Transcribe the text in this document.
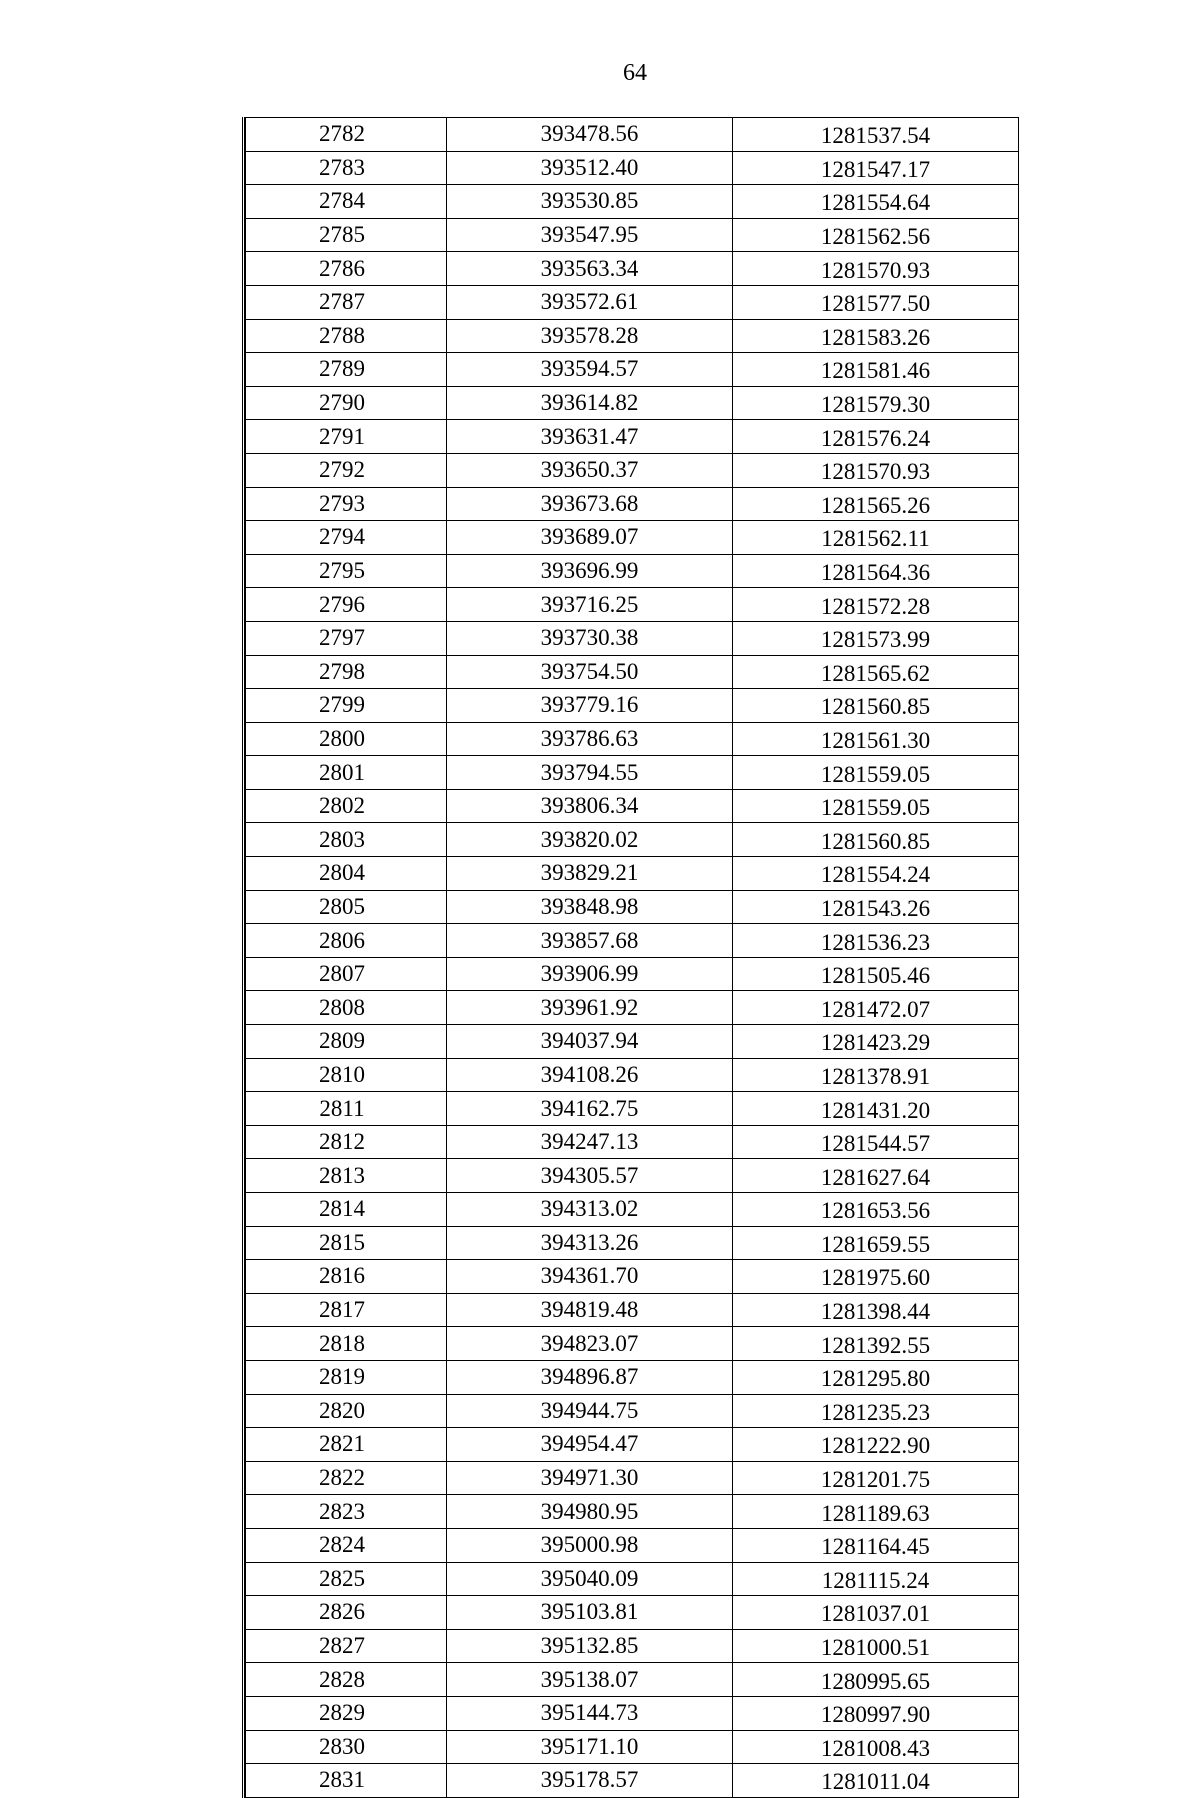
64
2782	393478.56	1281537.54
2783	393512.40	1281547.17
2784	393530.85	1281554.64
2785	393547.95	1281562.56
2786	393563.34	1281570.93
2787	393572.61	1281577.50
2788	393578.28	1281583.26
2789	393594.57	1281581.46
2790	393614.82	1281579.30
2791	393631.47	1281576.24
2792	393650.37	1281570.93
2793	393673.68	1281565.26
2794	393689.07	1281562.11
2795	393696.99	1281564.36
2796	393716.25	1281572.28
2797	393730.38	1281573.99
2798	393754.50	1281565.62
2799	393779.16	1281560.85
2800	393786.63	1281561.30
2801	393794.55	1281559.05
2802	393806.34	1281559.05
2803	393820.02	1281560.85
2804	393829.21	1281554.24
2805	393848.98	1281543.26
2806	393857.68	1281536.23
2807	393906.99	1281505.46
2808	393961.92	1281472.07
2809	394037.94	1281423.29
2810	394108.26	1281378.91
2811	394162.75	1281431.20
2812	394247.13	1281544.57
2813	394305.57	1281627.64
2814	394313.02	1281653.56
2815	394313.26	1281659.55
2816	394361.70	1281975.60
2817	394819.48	1281398.44
2818	394823.07	1281392.55
2819	394896.87	1281295.80
2820	394944.75	1281235.23
2821	394954.47	1281222.90
2822	394971.30	1281201.75
2823	394980.95	1281189.63
2824	395000.98	1281164.45
2825	395040.09	1281115.24
2826	395103.81	1281037.01
2827	395132.85	1281000.51
2828	395138.07	1280995.65
2829	395144.73	1280997.90
2830	395171.10	1281008.43
2831	395178.57	1281011.04
